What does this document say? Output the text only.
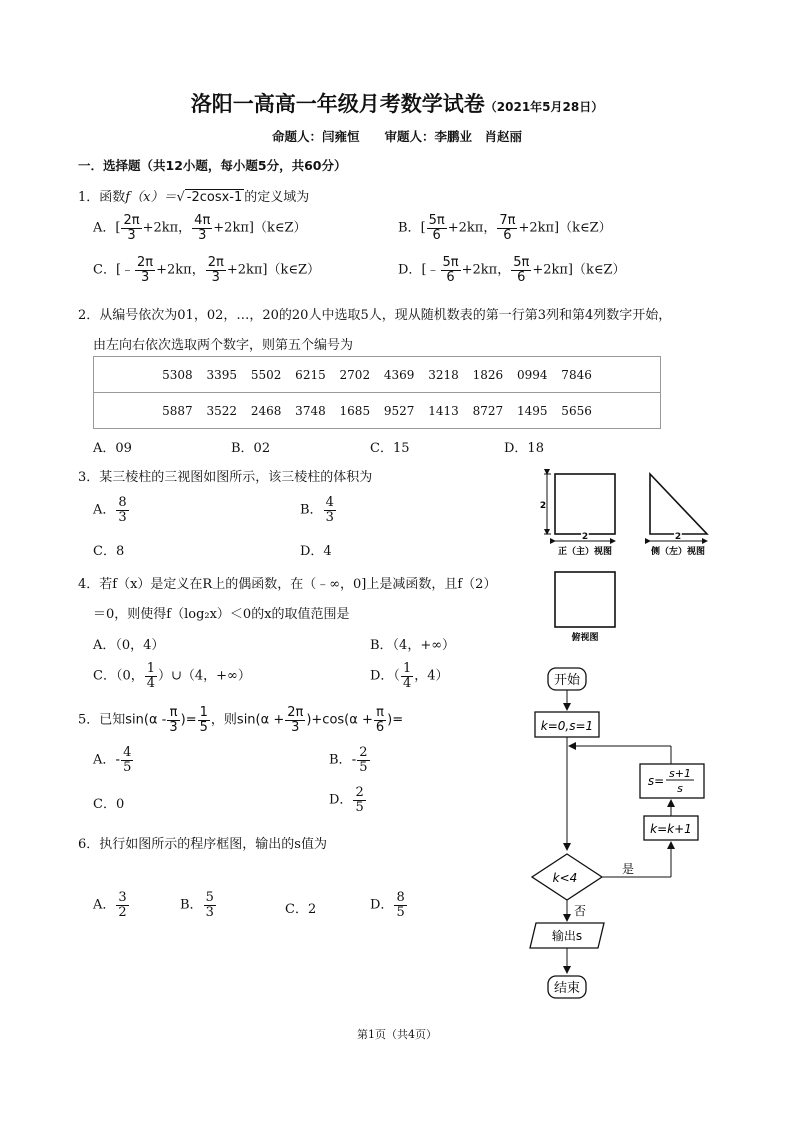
洛阳一高高一年级月考数学试卷（2021年5月28日）
命题人：闫雍恒　　审题人：李鹏业　肖赵丽
一．选择题（共12小题，每小题5分，共60分）
1．函数f（x）＝√ -2cosx-1 的定义域为
A．[ $\frac{2\pi}{3} +2k\pi$， $\frac{4\pi}{3}$ +2kπ]（k∈Z）	B．[ $\frac{5\pi}{6} +2k\pi$， $\frac{7\pi}{6}$ +2kπ]（k∈Z）
C．[﹣ $\frac{2\pi}{3} +2k\pi$， $\frac{2\pi}{3}$ +2kπ]（k∈Z）	D．[﹣ $\frac{5\pi}{6} +2k\pi$， $\frac{5\pi}{6}$ +2kπ]（k∈Z）
2．从编号依次为01，02，…，20的20人中选取5人，现从随机数表的第一行第3列和第4列数字开始，
由左向右依次选取两个数字，则第五个编号为
5308 3395 5502 6215 2702 4369 3218 1826 0994 7846
5887 3522 2468 3748 1685 9527 1413 8727 1495 5656
A．09	B．02	C．15	D．18
3．某三棱柱的三视图如图所示，该三棱柱的体积为
A． $\frac{8}{3}$	B． $\frac{4}{3}$
C．8	D．4
2
2
正（主）视图
2
侧（左）视图
俯视图
4．若f（x）是定义在R上的偶函数，在（﹣∞，0]上是减函数，且f（2）
＝0，则使得f（log₂x）＜0的x的取值范围是
A．（0，4）	B．（4，+∞）
C．（0， $\frac{1}{4}$ ）∪（4，+∞）	D．（ $\frac{1}{4}$ ，4）
5．已知$\sin(\alpha - \frac{\pi}{3}$ )= $\frac{1}{5}$ ，则$\sin(\alpha + \frac{2\pi}{3} )+\cos(\alpha + \frac{\pi}{6}$ )=
A．- $\frac{4}{5}$	B．- $\frac{2}{5}$
C．0	D． $\frac{2}{5}$
6．执行如图所示的程序框图，输出的s值为
A． $\frac{3}{2}$	B． $\frac{5}{3}$	C．2	D． $\frac{8}{5}$
开始
k=0,s=1
s=
s+1
s
k=k+1
k<4
是
否
输出s
结束
第1页（共4页）
